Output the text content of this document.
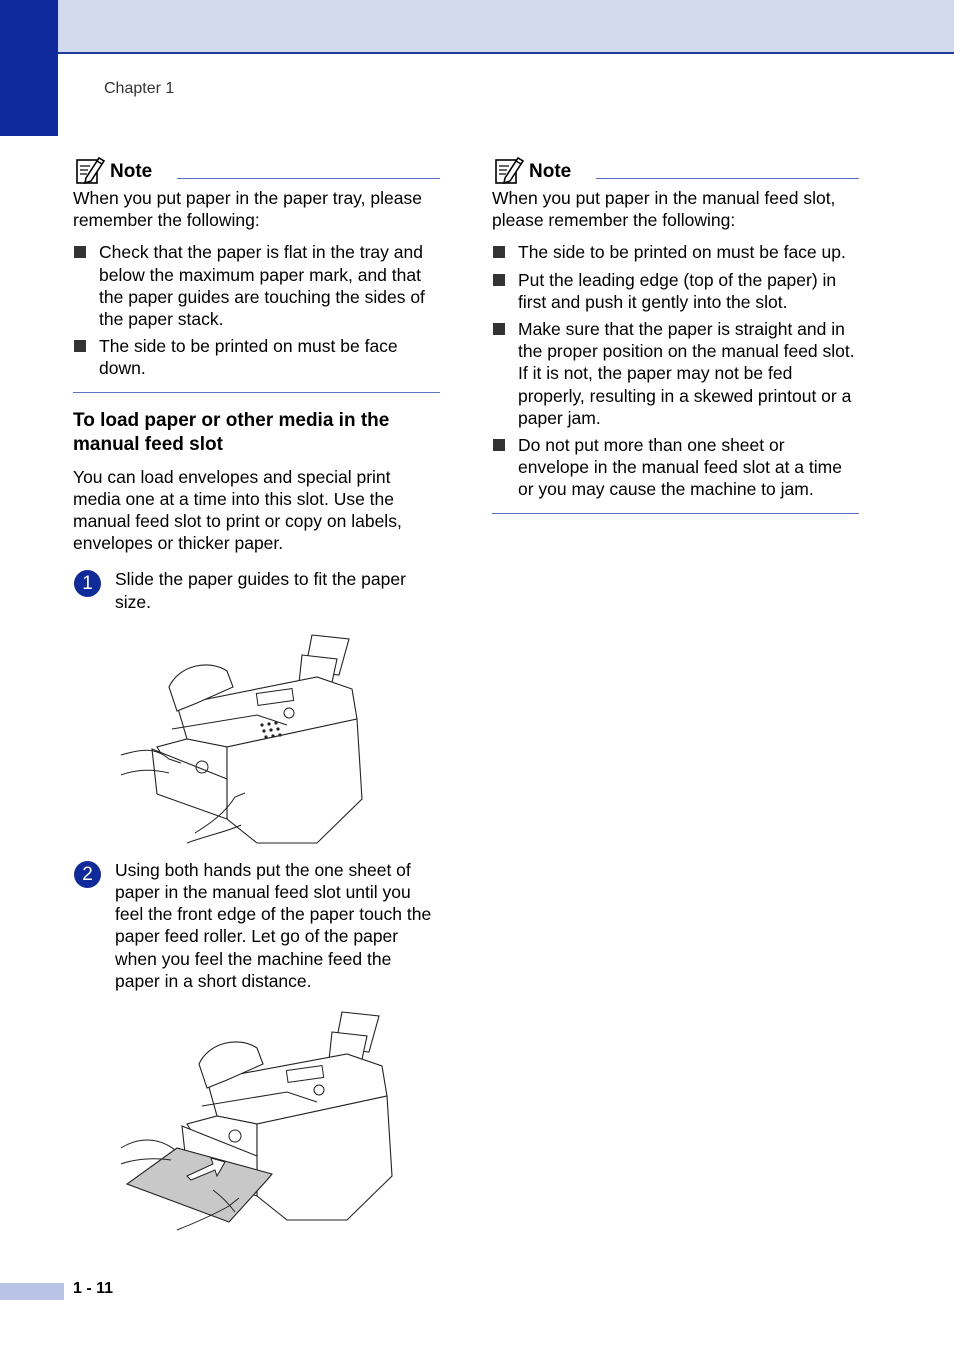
Chapter 1
Note

When you put paper in the paper tray, please remember the following:

Check that the paper is flat in the tray and below the maximum paper mark, and that the paper guides are touching the sides of the paper stack.
The side to be printed on must be face down.
To load paper or other media in the manual feed slot

You can load envelopes and special print media one at a time into this slot. Use the manual feed slot to print or copy on labels, envelopes or thicker paper.

1	Slide the paper guides to fit the paper size.

2	Using both hands put the one sheet of paper in the manual feed slot until you feel the front edge of the paper touch the paper feed roller. Let go of the paper when you feel the machine feed the paper in a short distance.

Note

When you put paper in the manual feed slot, please remember the following:

The side to be printed on must be face up.
Put the leading edge (top of the paper) in first and push it gently into the slot.
Make sure that the paper is straight and in the proper position on the manual feed slot. If it is not, the paper may not be fed properly, resulting in a skewed printout or a paper jam.
Do not put more than one sheet or envelope in the manual feed slot at a time or you may cause the machine to jam.
1 - 11
